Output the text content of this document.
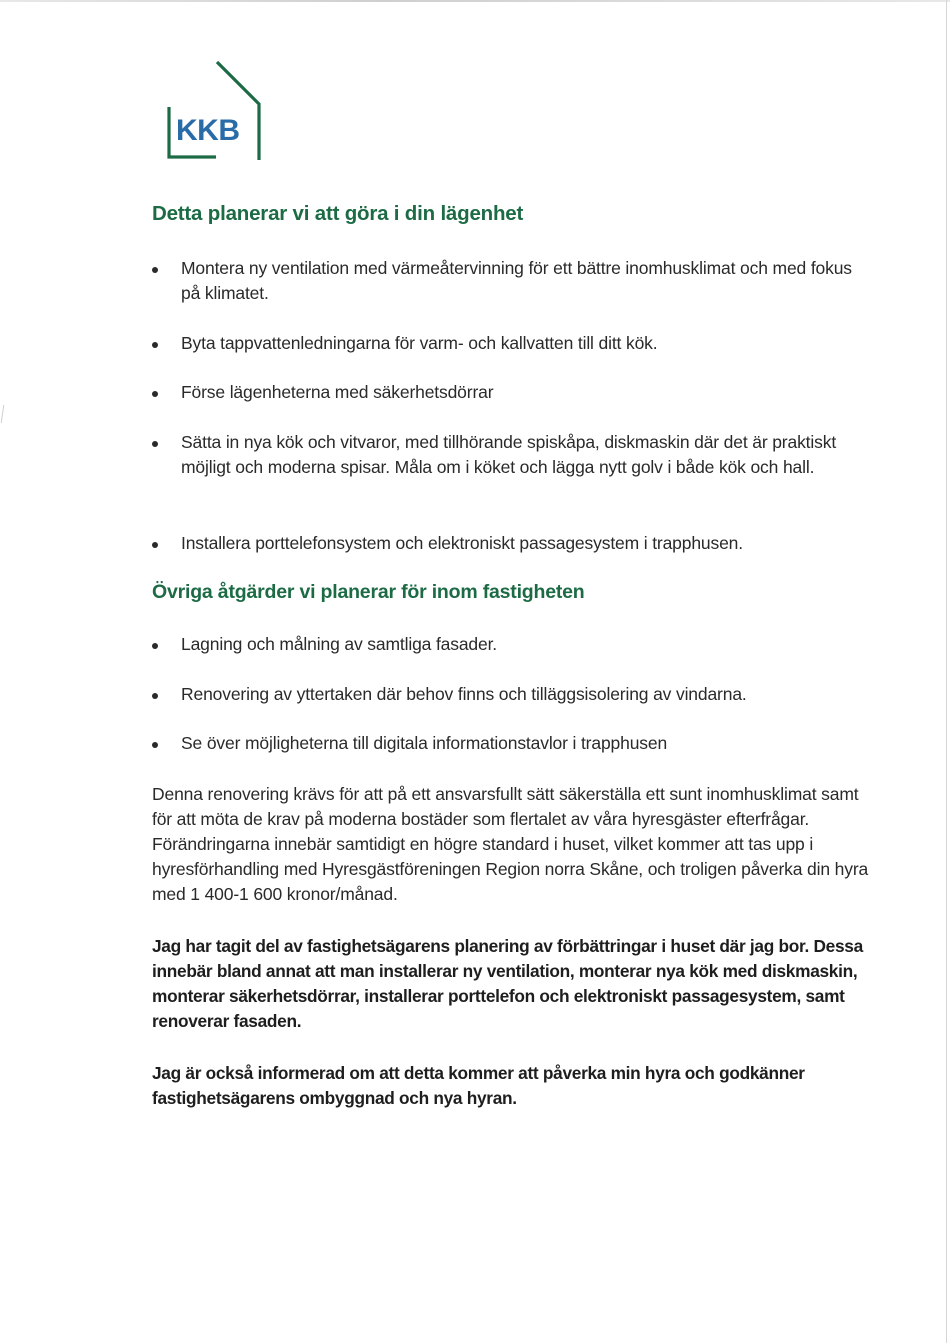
KKB
Detta planerar vi att göra i din lägenhet
Montera ny ventilation med värmeåtervinning för ett bättre inomhusklimat och med fokus på klimatet.
Byta tappvattenledningarna för varm- och kallvatten till ditt kök.
Förse lägenheterna med säkerhetsdörrar
Sätta in nya kök och vitvaror, med tillhörande spiskåpa, diskmaskin där det är praktiskt möjligt och moderna spisar. Måla om i köket och lägga nytt golv i både kök och hall.
Installera porttelefonsystem och elektroniskt passagesystem i trapphusen.
Övriga åtgärder vi planerar för inom fastigheten
Lagning och målning av samtliga fasader.
Renovering av yttertaken där behov finns och tilläggsisolering av vindarna.
Se över möjligheterna till digitala informationstavlor i trapphusen

Denna renovering krävs för att på ett ansvarsfullt sätt säkerställa ett sunt inomhusklimat samt för att möta de krav på moderna bostäder som flertalet av våra hyresgäster efterfrågar. Förändringarna innebär samtidigt en högre standard i huset, vilket kommer att tas upp i hyresförhandling med Hyresgästföreningen Region norra Skåne, och troligen påverka din hyra med 1 400-1 600 kronor/månad.

Jag har tagit del av fastighetsägarens planering av förbättringar i huset där jag bor. Dessa innebär bland annat att man installerar ny ventilation, monterar nya kök med diskmaskin, monterar säkerhetsdörrar, installerar porttelefon och elektroniskt passagesystem, samt renoverar fasaden.

Jag är också informerad om att detta kommer att påverka min hyra och godkänner fastighetsägarens ombyggnad och nya hyran.
